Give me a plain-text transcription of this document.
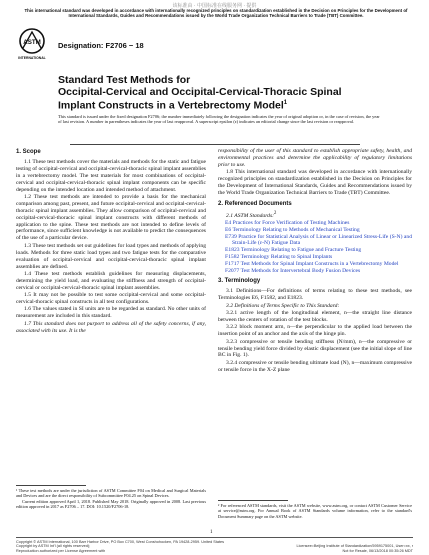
该标准由 · 中国标准在线服务网 · 提供
This international standard was developed in accordance with internationally recognized principles on standardization established in the Decision on Principles for the Development of International Standards, Guides and Recommendations issued by the World Trade Organization Technical Barriers to Trade (TBT) Committee.
ASTM
INTERNATIONAL
Designation: F2706 − 18
Standard Test Methods for
Occipital-Cervical and Occipital-Cervical-Thoracic Spinal
Implant Constructs in a Vertebrectomy Model$^1$
This standard is issued under the fixed designation F2706; the number immediately following the designation indicates the year of original adoption or, in the case of revision, the year of last revision. A number in parentheses indicates the year of last reapproval. A superscript epsilon (ε) indicates an editorial change since the last revision or reapproval.
1. Scope

1.1 These test methods cover the materials and methods for the static and fatigue testing of occipital-cervical and occipital-cervical-thoracic spinal implant assemblies in a vertebrectomy model. The test materials for most combinations of occipital-cervical and occipital-cervical-thoracic spinal implant components can be specific depending on the intended location and intended method of attachment.

1.2 These test methods are intended to provide a basis for the mechanical comparison among past, present, and future occipital-cervical and occipital-cervical-thoracic spinal implant assemblies. They allow comparison of occipital-cervical and occipital-cervical-thoracic spinal implant constructs with different methods of application to the spine. These test methods are not intended to define levels of performance, since sufficient knowledge is not available to predict the consequences of the use of a particular device.

1.3 These test methods set out guidelines for load types and methods of applying loads. Methods for three static load types and two fatigue tests for the comparative evaluation of occipital-cervical and occipital-cervical-thoracic spinal implant assemblies are defined.

1.4 These test methods establish guidelines for measuring displacements, determining the yield load, and evaluating the stiffness and strength of occipital-cervical or occipital-cervical-thoracic spinal implant assemblies.

1.5 It may not be possible to test some occipital-cervical and some occipital-cervical-thoracic spinal constructs in all test configurations.

1.6 The values stated in SI units are to be regarded as standard. No other units of measurement are included in this standard.

1.7 This standard does not purport to address all of the safety concerns, if any, associated with its use. It is the

¹ These test methods are under the jurisdiction of ASTM Committee F04 on Medical and Surgical Materials and Devices and are the direct responsibility of Subcommittee F04.25 on Spinal Devices.

Current edition approved April 1, 2018. Published May 2018. Originally approved in 2008. Last previous edition approved in 2017 as F2706 – 17. DOI: 10.1520/F2706-18.

responsibility of the user of this standard to establish appropriate safety, health, and environmental practices and determine the applicability of regulatory limitations prior to use.

1.8 This international standard was developed in accordance with internationally recognized principles on standardization established in the Decision on Principles for the Development of International Standards, Guides and Recommendations issued by the World Trade Organization Technical Barriers to Trade (TBT) Committee.

2. Referenced Documents

2.1 ASTM Standards:$^2$

E4 Practices for Force Verification of Testing Machines
E6 Terminology Relating to Methods of Mechanical Testing
E739 Practice for Statistical Analysis of Linear or Linearized Stress-Life (S-N) and Strain-Life (ε-N) Fatigue Data
E1823 Terminology Relating to Fatigue and Fracture Testing
F1582 Terminology Relating to Spinal Implants
F1717 Test Methods for Spinal Implant Constructs in a Vertebrectomy Model
F2077 Test Methods for Intervertebral Body Fusion Devices
3. Terminology

3.1 Definitions—For definitions of terms relating to these test methods, see Terminologies E6, F1582, and E1823.

3.2 Definitions of Terms Specific to This Standard:

3.2.1 active length of the longitudinal element, n—the straight line distance between the centers of rotation of the test blocks.

3.2.2 block moment arm, n—the perpendicular to the applied load between the insertion point of an anchor and the axis of the hinge pin.

3.2.3 compressive or tensile bending stiffness (N/mm), n—the compressive or tensile bending yield force divided by elastic displacement (see the initial slope of line BC in Fig. 1).

3.2.4 compressive or tensile bending ultimate load (N), n—maximum compressive or tensile force in the X-Z plane

² For referenced ASTM standards, visit the ASTM website, www.astm.org, or contact ASTM Customer Service at service@astm.org. For Annual Book of ASTM Standards volume information, refer to the standard's Document Summary page on the ASTM website.
1
Copyright © ASTM International, 100 Barr Harbor Drive, PO Box C700, West Conshohocken, PA 19428-2959. United States
Copyright by ASTM Int'l (all rights reserved);
Reproduction authorized per License Agreement with
Licensee=Beijing Institute of Standardization/5959175001, User=xx, r
Not for Resale, 06/13/2018 00:35:26 MDT
